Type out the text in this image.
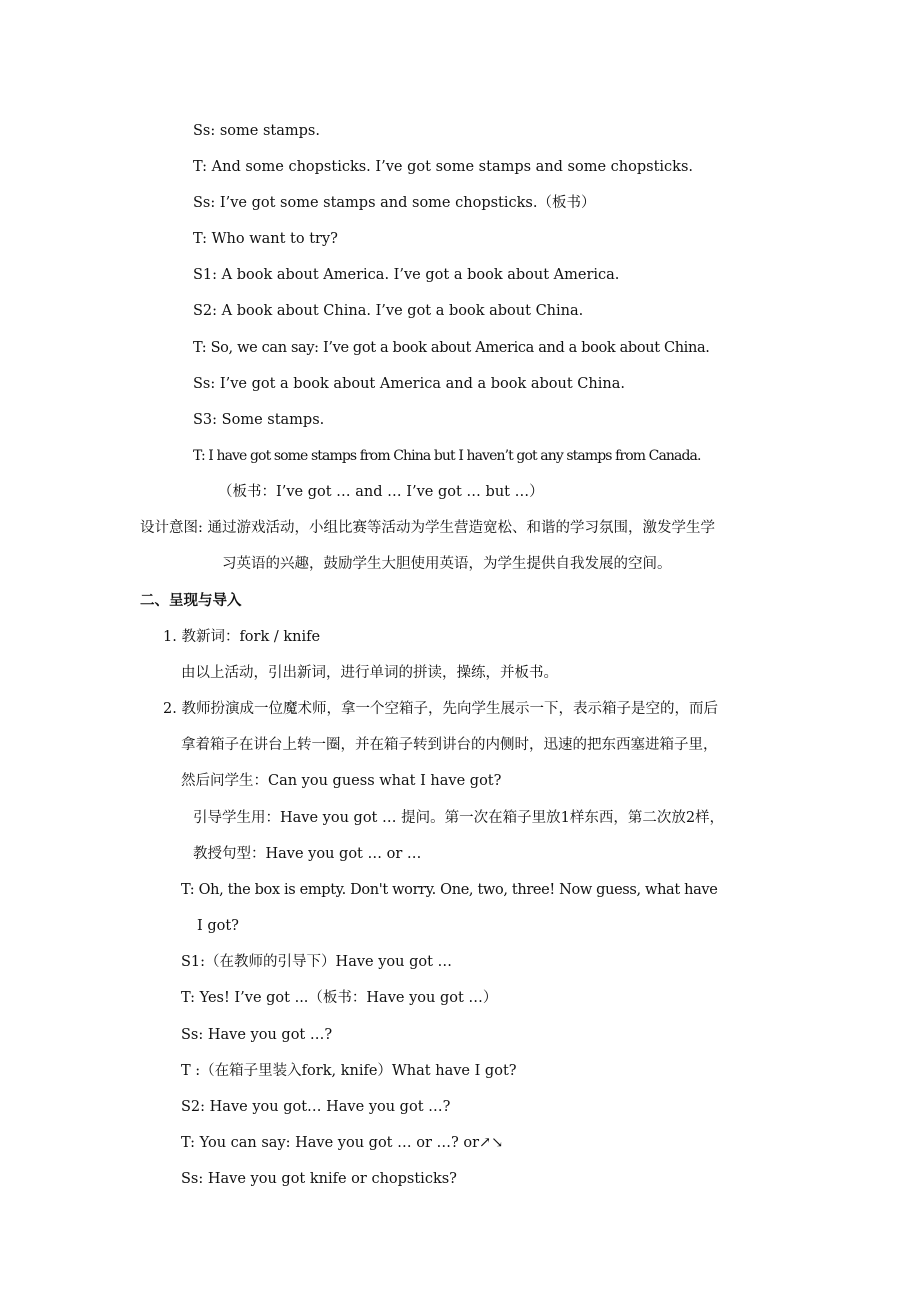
Ss: some stamps.
T: And some chopsticks. I’ve got some stamps and some chopsticks.
Ss: I’ve got some stamps and some chopsticks.（板书）
T: Who want to try?
S1: A book about America. I’ve got a book about America.
S2: A book about China. I’ve got a book about China.
T: So, we can say: I’ve got a book about America and a book about China.
Ss: I’ve got a book about America and a book about China.
S3: Some stamps.
T: I have got some stamps from China but I haven’t got any stamps from Canada.
（板书：I’ve got … and … I’ve got … but …）
设计意图: 通过游戏活动，小组比赛等活动为学生营造宽松、和谐的学习氛围，激发学生学
习英语的兴趣，鼓励学生大胆使用英语，为学生提供自我发展的空间。
二、呈现与导入
1. 教新词：fork / knife
由以上活动，引出新词，进行单词的拼读，操练，并板书。
2. 教师扮演成一位魔术师，拿一个空箱子，先向学生展示一下，表示箱子是空的，而后
拿着箱子在讲台上转一圈，并在箱子转到讲台的内侧时，迅速的把东西塞进箱子里，
然后问学生：Can you guess what I have got?
引导学生用：Have you got … 提问。第一次在箱子里放1样东西，第二次放2样，
教授句型：Have you got … or …
T: Oh, the box is empty. Don't worry. One, two, three! Now guess, what have
I got?
S1:（在教师的引导下）Have you got …
T: Yes! I’ve got ...（板书：Have you got …）
Ss: Have you got …?
T :（在箱子里装入fork, knife）What have I got?
S2: Have you got… Have you got …?
T: You can say: Have you got … or …? or↗↘
Ss: Have you got knife or chopsticks?
